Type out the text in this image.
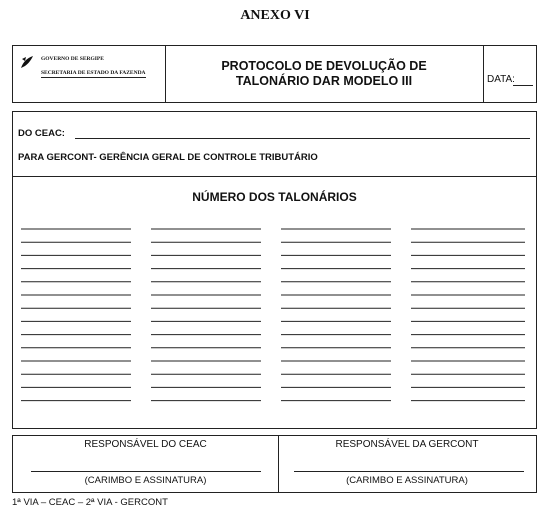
ANEXO VI
GOVERNO DE SERGIPE
SECRETARIA DE ESTADO DA FAZENDA	PROTOCOLO DE DEVOLUÇÃO DE
TALONÁRIO DAR MODELO III	DATA:
DO CEAC:
PARA GERCONT- GERÊNCIA GERAL DE CONTROLE TRIBUTÁRIO
NÚMERO DOS TALONÁRIOS
RESPONSÁVEL DO CEAC
(CARIMBO E ASSINATURA)
RESPONSÁVEL DA GERCONT
(CARIMBO E ASSINATURA)
1ª VIA – CEAC – 2ª VIA - GERCONT
